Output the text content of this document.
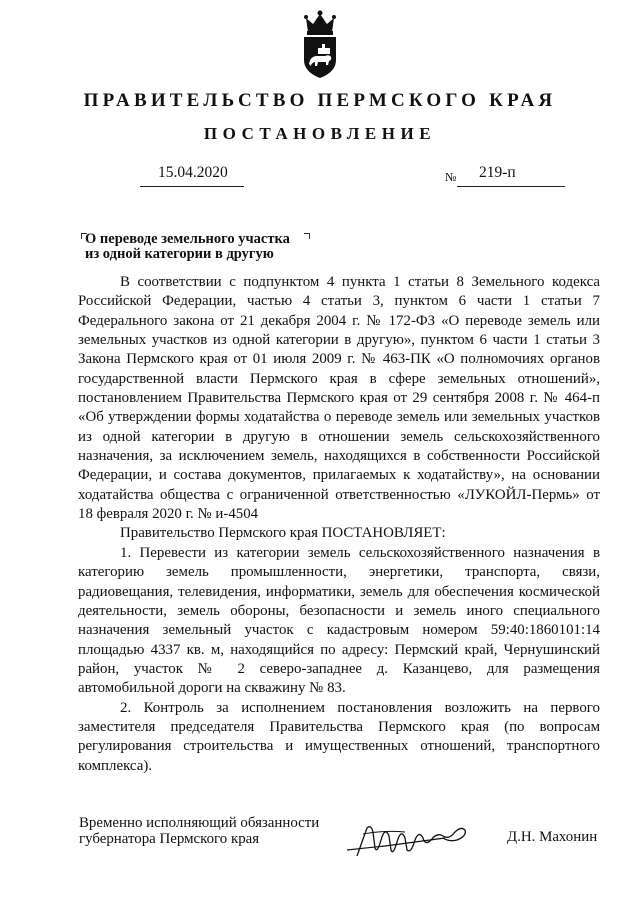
ПРАВИТЕЛЬСТВО ПЕРМСКОГО КРАЯ
ПОСТАНОВЛЕНИЕ
15.04.2020	№ 219-п
О переводе земельного участка
из одной категории в другую

В соответствии с подпунктом 4 пункта 1 статьи 8 Земельного кодекса Российской Федерации, частью 4 статьи 3, пунктом 6 части 1 статьи 7 Федерального закона от 21 декабря 2004 г. № 172-ФЗ «О переводе земель или земельных участков из одной категории в другую», пунктом 6 части 1 статьи 3 Закона Пермского края от 01 июля 2009 г. № 463-ПК «О полномочиях органов государственной власти Пермского края в сфере земельных отношений», постановлением Правительства Пермского края от 29 сентября 2008 г. № 464-п «Об утверждении формы ходатайства о переводе земель или земельных участков из одной категории в другую в отношении земель сельскохозяйственного назначения, за исключением земель, находящихся в собственности Российской Федерации, и состава документов, прилагаемых к ходатайству», на основании ходатайства общества с ограниченной ответственностью «ЛУКОЙЛ-Пермь» от 18 февраля 2020 г. № и-4504

Правительство Пермского края ПОСТАНОВЛЯЕТ:

1. Перевести из категории земель сельскохозяйственного назначения в категорию земель промышленности, энергетики, транспорта, связи, радиовещания, телевидения, информатики, земель для обеспечения космической деятельности, земель обороны, безопасности и земель иного специального назначения земельный участок с кадастровым номером 59:40:1860101:14 площадью 4337 кв. м, находящийся по адресу: Пермский край, Чернушинский район, участок № 2 северо-западнее д. Казанцево, для размещения автомобильной дороги на скважину № 83.

2. Контроль за исполнением постановления возложить на первого заместителя председателя Правительства Пермского края (по вопросам регулирования строительства и имущественных отношений, транспортного комплекса).

Временно исполняющий обязанности
губернатора Пермского края	Д.Н. Махонин
